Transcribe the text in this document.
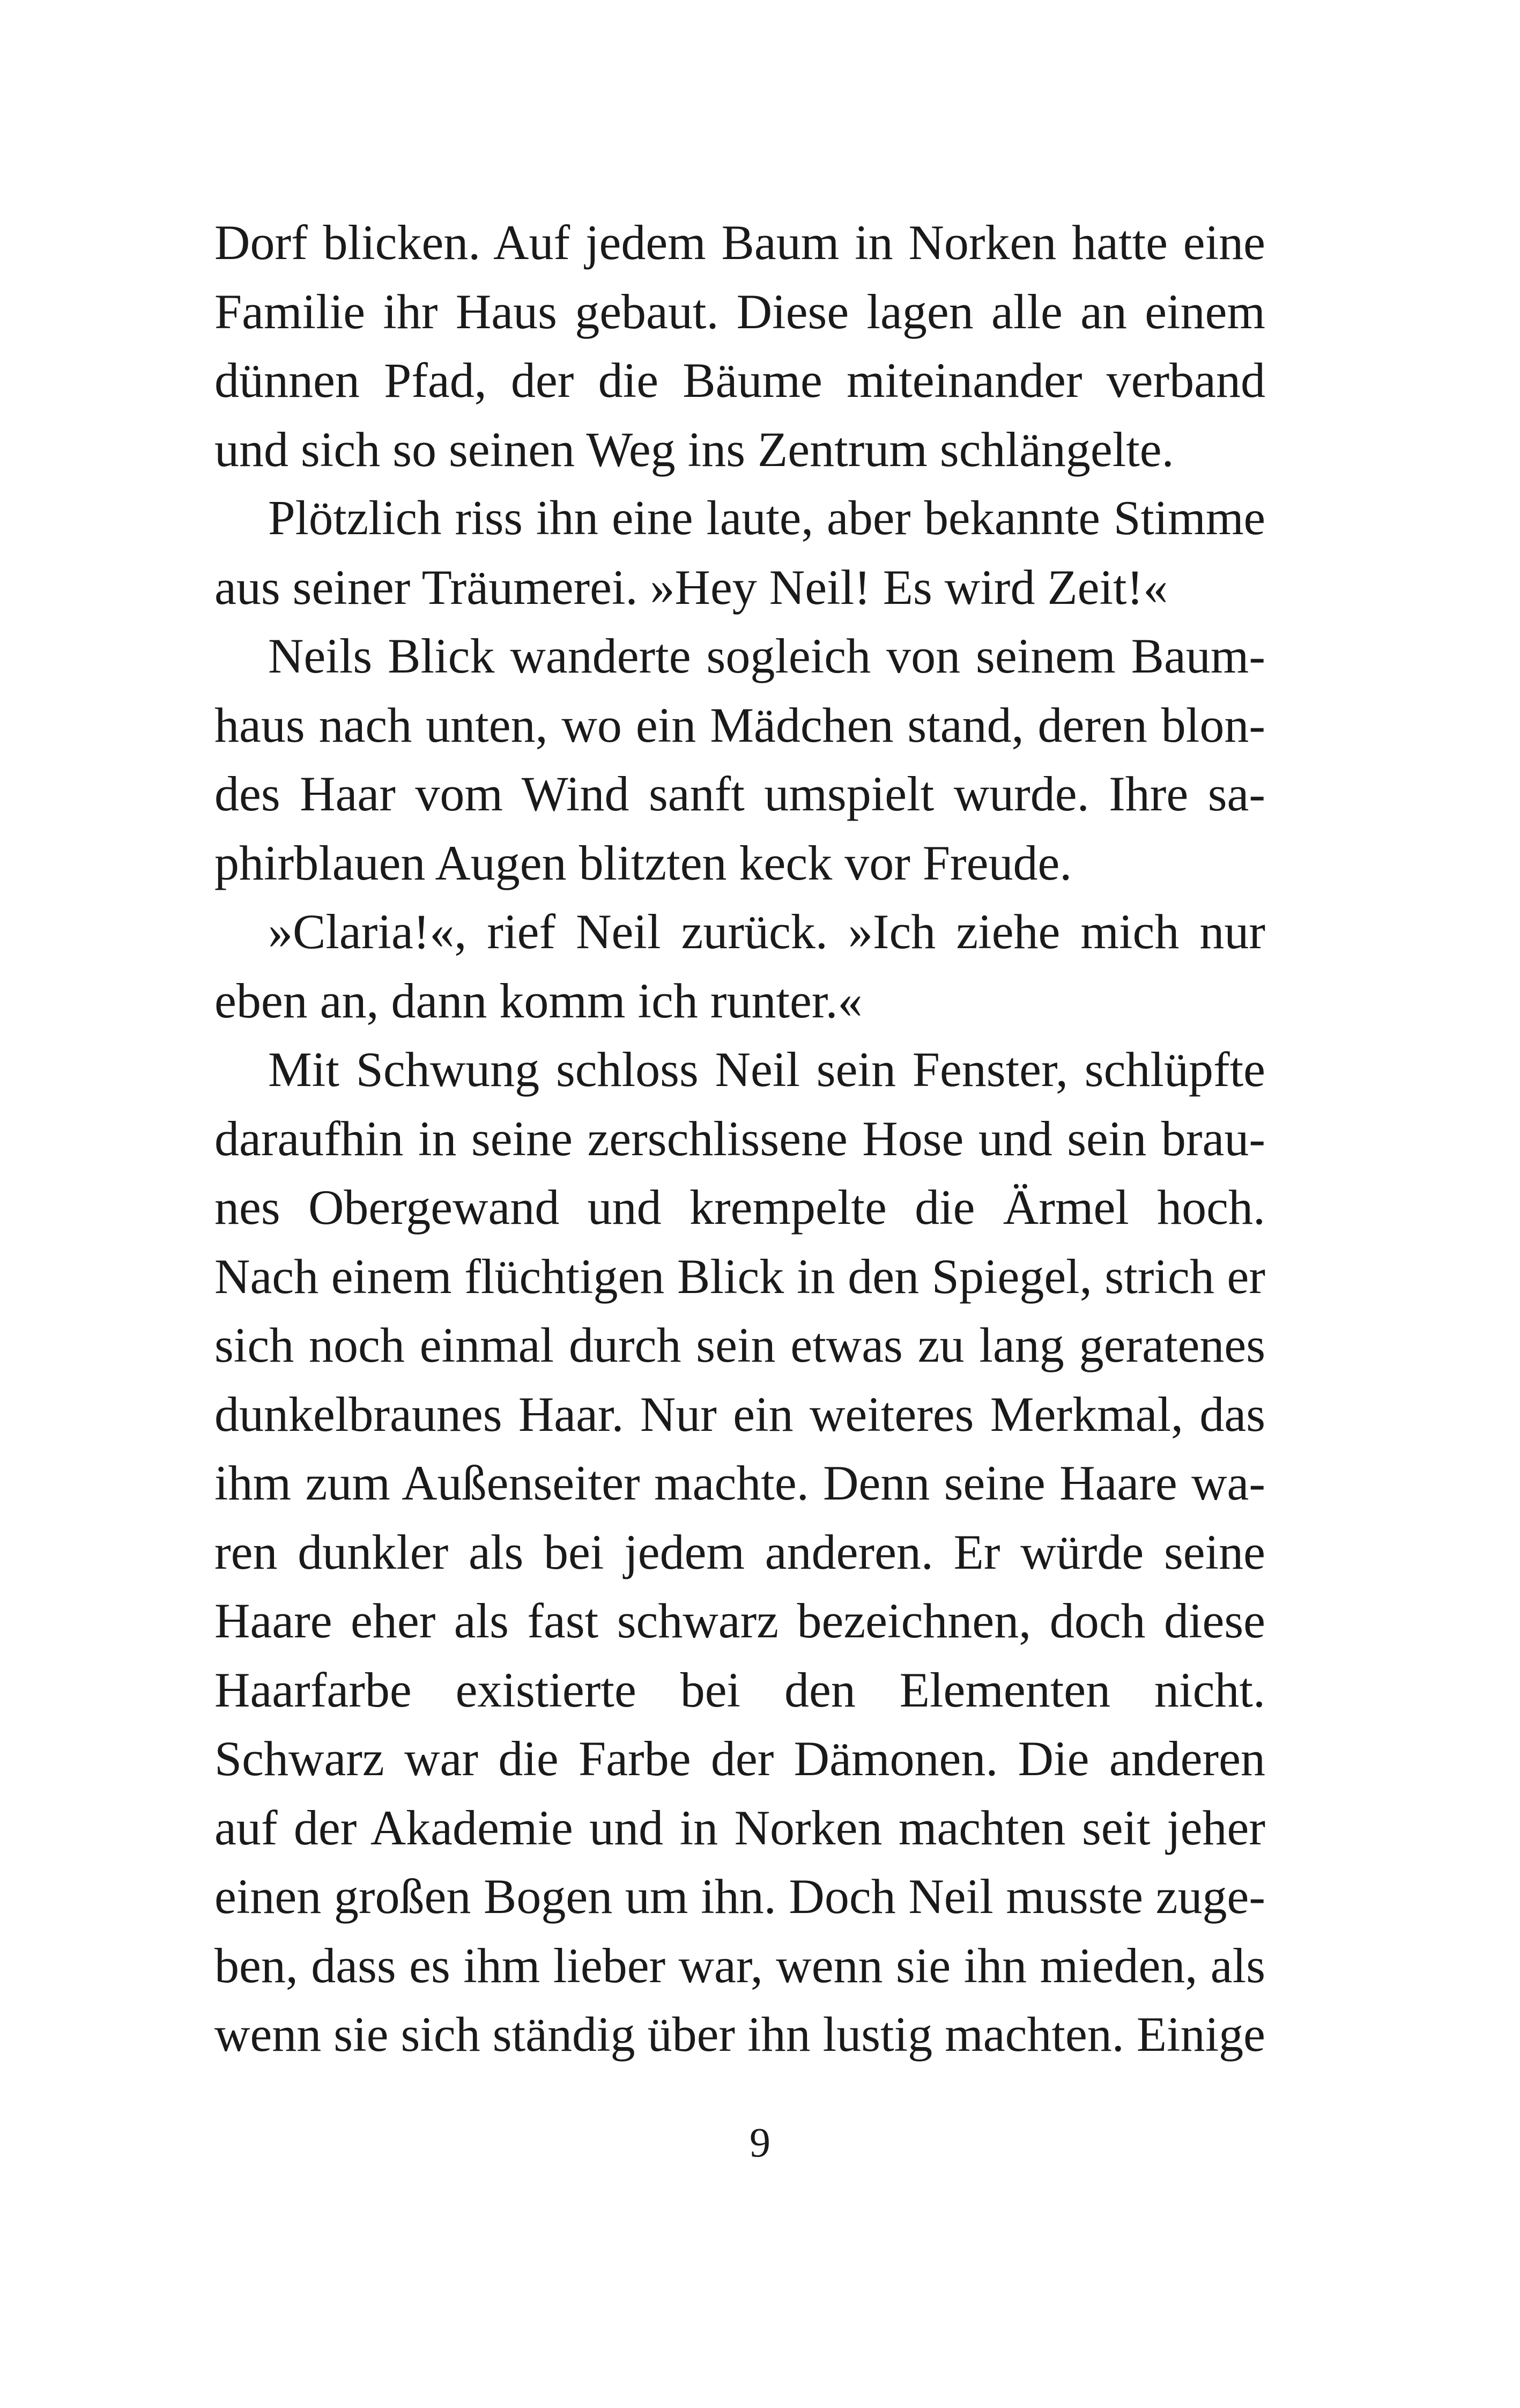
Dorf blicken. Auf jedem Baum in Norken hatte eine
Familie ihr Haus gebaut. Diese lagen alle an einem
dünnen Pfad, der die Bäume miteinander verband
und sich so seinen Weg ins Zentrum schlängelte.
Plötzlich riss ihn eine laute, aber bekannte Stimme
aus seiner Träumerei. »Hey Neil! Es wird Zeit!«
Neils Blick wanderte sogleich von seinem Baum-
haus nach unten, wo ein Mädchen stand, deren blon-
des Haar vom Wind sanft umspielt wurde. Ihre sa-
phirblauen Augen blitzten keck vor Freude.
»Claria!«, rief Neil zurück. »Ich ziehe mich nur
eben an, dann komm ich runter.«
Mit Schwung schloss Neil sein Fenster, schlüpfte
daraufhin in seine zerschlissene Hose und sein brau-
nes Obergewand und krempelte die Ärmel hoch.
Nach einem flüchtigen Blick in den Spiegel, strich er
sich noch einmal durch sein etwas zu lang geratenes
dunkelbraunes Haar. Nur ein weiteres Merkmal, das
ihm zum Außenseiter machte. Denn seine Haare wa-
ren dunkler als bei jedem anderen. Er würde seine
Haare eher als fast schwarz bezeichnen, doch diese
Haarfarbe existierte bei den Elementen nicht.
Schwarz war die Farbe der Dämonen. Die anderen
auf der Akademie und in Norken machten seit jeher
einen großen Bogen um ihn. Doch Neil musste zuge-
ben, dass es ihm lieber war, wenn sie ihn mieden, als
wenn sie sich ständig über ihn lustig machten. Einige
9
